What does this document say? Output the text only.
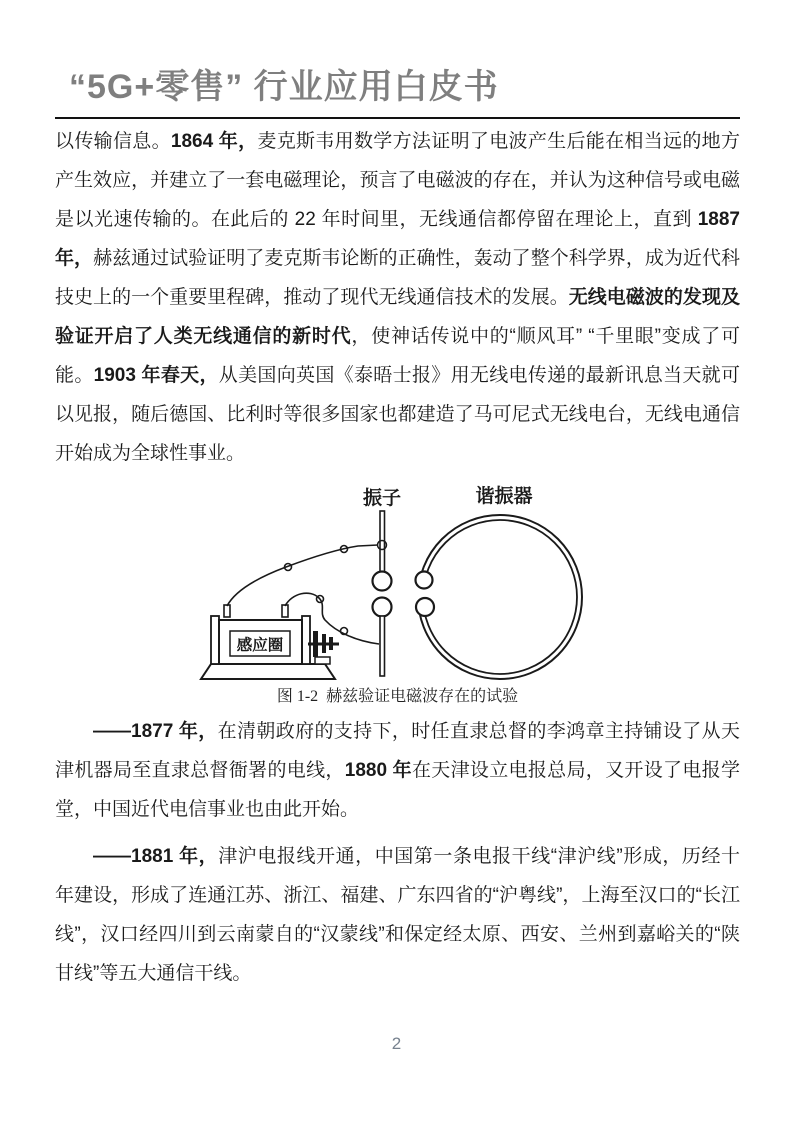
“5G+零售” 行业应用白皮书

以传输信息。1864 年，麦克斯韦用数学方法证明了电波产生后能在相当远的地方产生效应，并建立了一套电磁理论，预言了电磁波的存在，并认为这种信号或电磁是以光速传输的。在此后的 22 年时间里，无线通信都停留在理论上，直到 1887 年，赫兹通过试验证明了麦克斯韦论断的正确性，轰动了整个科学界，成为近代科技史上的一个重要里程碑，推动了现代无线通信技术的发展。无线电磁波的发现及验证开启了人类无线通信的新时代，使神话传说中的“顺风耳” “千里眼”变成了可能。1903 年春天，从美国向英国《泰晤士报》用无线电传递的最新讯息当天就可以见报，随后德国、比利时等很多国家也都建造了马可尼式无线电台，无线电通信开始成为全球性事业。

振子	谐振器
感应圈
图 1-2  赫兹验证电磁波存在的试验

——1877 年，在清朝政府的支持下，时任直隶总督的李鸿章主持铺设了从天津机器局至直隶总督衙署的电线，1880 年在天津设立电报总局，又开设了电报学堂，中国近代电信事业也由此开始。

——1881 年，津沪电报线开通，中国第一条电报干线“津沪线”形成，历经十年建设，形成了连通江苏、浙江、福建、广东四省的“沪粤线”，上海至汉口的“长江线”，汉口经四川到云南蒙自的“汉蒙线”和保定经太原、西安、兰州到嘉峪关的“陕甘线”等五大通信干线。

2
